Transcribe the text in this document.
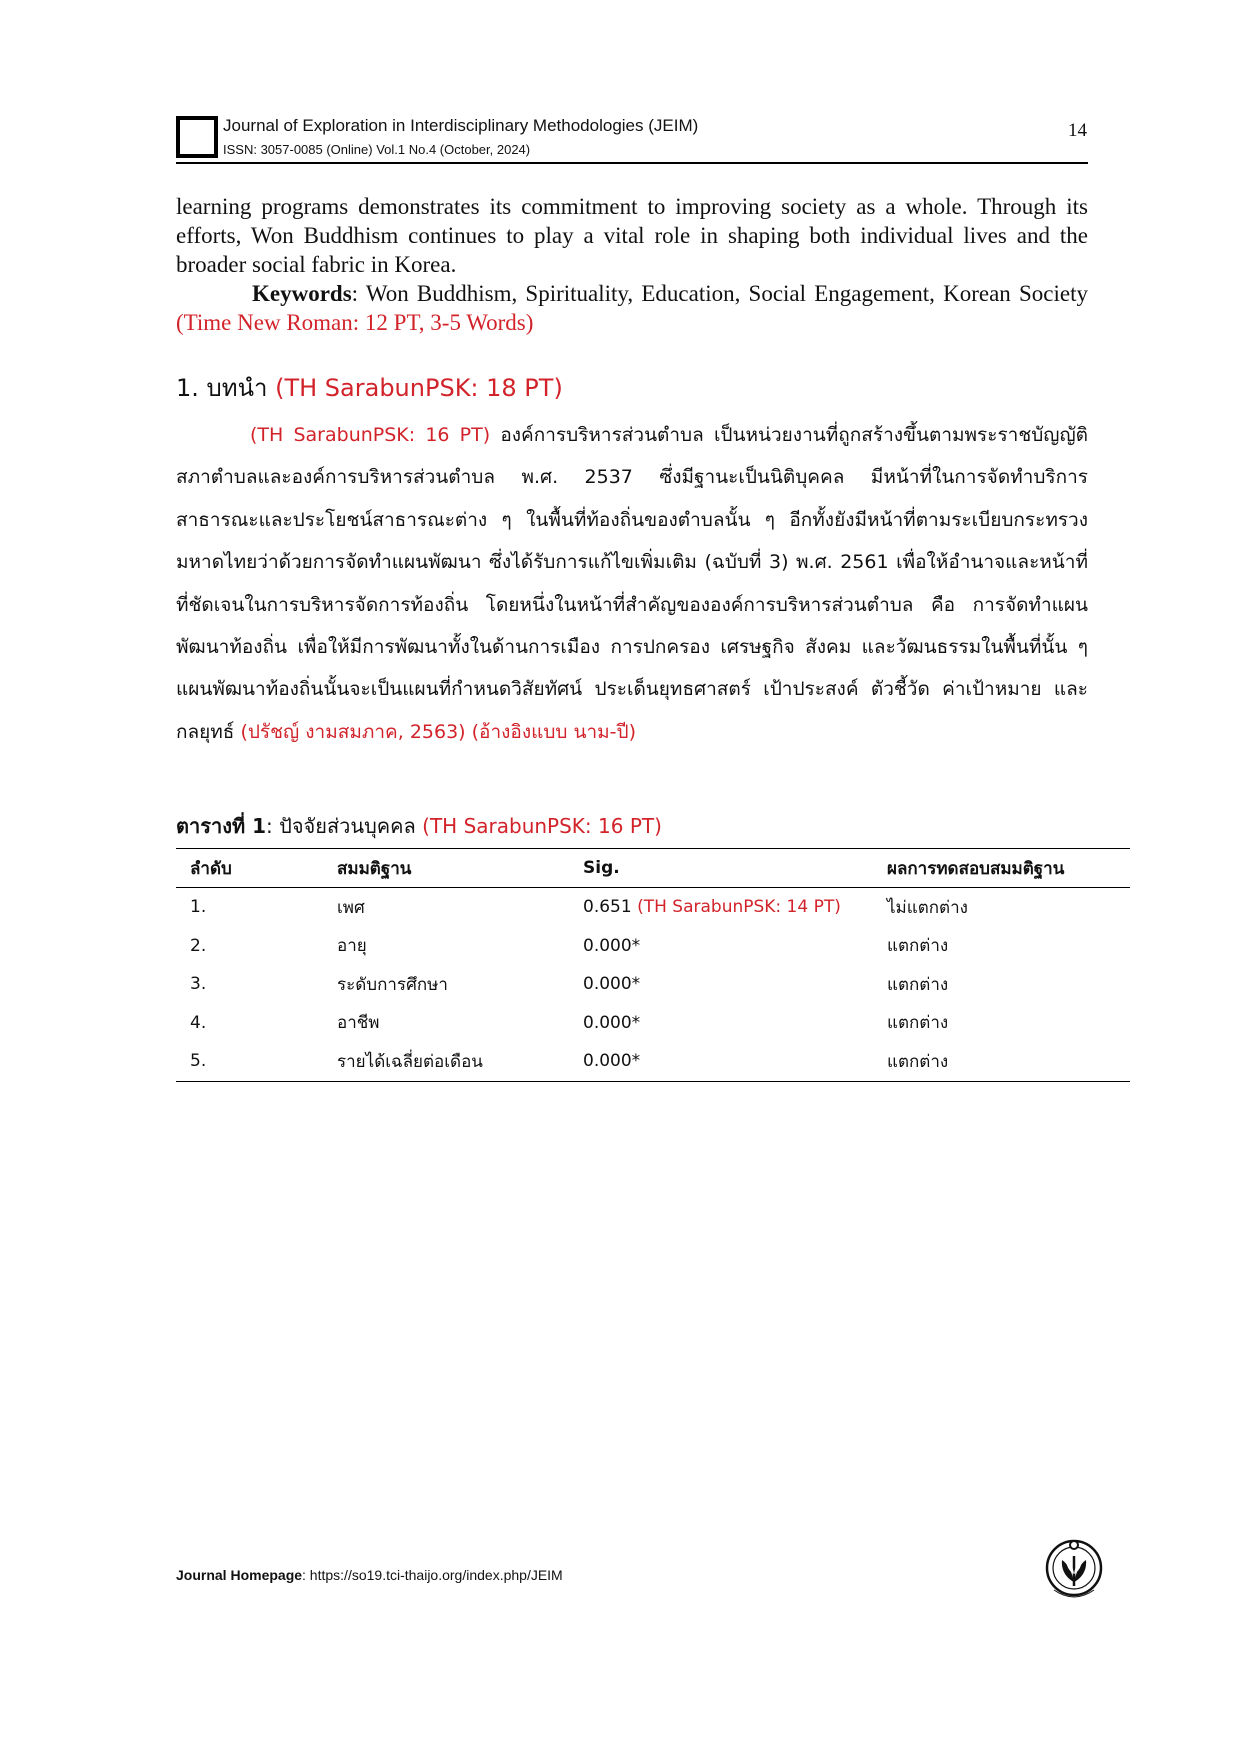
Journal of Exploration in Interdisciplinary Methodologies (JEIM)
ISSN: 3057-0085 (Online) Vol.1 No.4 (October, 2024)
14
learning programs demonstrates its commitment to improving society as a whole. Through its efforts, Won Buddhism continues to play a vital role in shaping both individual lives and the broader social fabric in Korea.
Keywords: Won Buddhism, Spirituality, Education, Social Engagement, Korean Society (Time New Roman: 12 PT, 3-5 Words)
1. บทนำ (TH SarabunPSK: 18 PT)
(TH SarabunPSK: 16 PT) องค์การบริหารส่วนตำบล เป็นหน่วยงานที่ถูกสร้างขึ้นตามพระราชบัญญัติสภาตำบลและองค์การบริหารส่วนตำบล พ.ศ. 2537 ซึ่งมีฐานะเป็นนิติบุคคล มีหน้าที่ในการจัดทำบริการสาธารณะและประโยชน์สาธารณะต่าง ๆ ในพื้นที่ท้องถิ่นของตำบลนั้น ๆ อีกทั้งยังมีหน้าที่ตามระเบียบกระทรวงมหาดไทยว่าด้วยการจัดทำแผนพัฒนา ซึ่งได้รับการแก้ไขเพิ่มเติม (ฉบับที่ 3) พ.ศ. 2561 เพื่อให้อำนาจและหน้าที่ที่ชัดเจนในการบริหารจัดการท้องถิ่น โดยหนึ่งในหน้าที่สำคัญขององค์การบริหารส่วนตำบล คือ การจัดทำแผนพัฒนาท้องถิ่น เพื่อให้มีการพัฒนาทั้งในด้านการเมือง การปกครอง เศรษฐกิจ สังคม และวัฒนธรรมในพื้นที่นั้น ๆ แผนพัฒนาท้องถิ่นนั้นจะเป็นแผนที่กำหนดวิสัยทัศน์ ประเด็นยุทธศาสตร์ เป้าประสงค์ ตัวชี้วัด ค่าเป้าหมาย และกลยุทธ์ (ปรัชญ์ งามสมภาค, 2563) (อ้างอิงแบบ นาม-ปี)
ตารางที่ 1: ปัจจัยส่วนบุคคล (TH SarabunPSK: 16 PT)
ลำดับ	สมมติฐาน	Sig.	ผลการทดสอบสมมติฐาน
1.	เพศ	0.651 (TH SarabunPSK: 14 PT)	ไม่แตกต่าง
2.	อายุ	0.000*	แตกต่าง
3.	ระดับการศึกษา	0.000*	แตกต่าง
4.	อาชีพ	0.000*	แตกต่าง
5.	รายได้เฉลี่ยต่อเดือน	0.000*	แตกต่าง
Journal Homepage: https://so19.tci-thaijo.org/index.php/JEIM
